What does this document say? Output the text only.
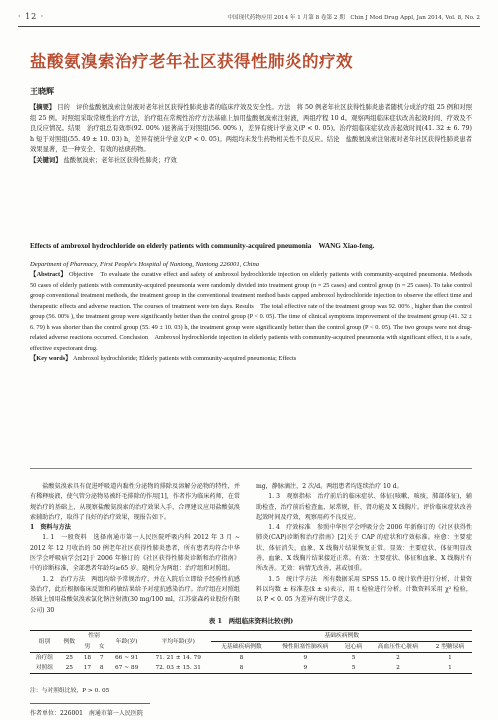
· 12 ·	中国现代药物应用 2014 年 1 月第 8 卷第 2 期　Chin J Mod Drug Appl, Jan 2014, Vol. 8, No. 2
盐酸氨溴索治疗老年社区获得性肺炎的疗效
王晓辉
【摘要】 目的　评价盐酸氨溴索注射液对老年社区获得性肺炎患者的临床疗效及安全性。方法　将 50 例老年社区获得性肺炎患者随机分成治疗组 25 例和对照组 25 例。对照组采取常规性治疗方法，治疗组在常规性治疗方法基础上加用盐酸氨溴索注射液，两组疗程 10 d。观察两组临床症状改善起效时间、疗效及不良反应情况。结果　治疗组总有效率(92. 00% )显著高于对照组(56. 00% )，差异有统计学意义(P < 0. 05)。治疗组临床症状改善起效时间(41. 32 ± 6. 79) h 短于对照组(55. 49 ± 10. 03) h，差异有统计学意义(P < 0. 05)。两组均未发生药物相关性不良反应。结论　盐酸氨溴索注射液对老年社区获得性肺炎患者效果显著，是一种安全、有效的祛痰药物。
【关键词】 盐酸氨溴索；老年社区获得性肺炎；疗效
Effects of ambroxol hydrochloride on elderly patients with community-acquired pneumonia　WANG Xiao-feng.
Department of Pharmacy, First People's Hospital of Nantong, Nantong 226001, China
【Abstract】 Objective　To evaluate the curative effect and safety of ambroxol hydrochloride injection on elderly patients with community-acquired pneumonia. Methods　50 cases of elderly patients with community-acquired pneumonia were randomly divided into treatment group (n = 25 cases) and control group (n = 25 cases). To take control group conventional treatment methods, the treatment group in the conventional treatment method basis capped ambroxol hydrochloride injection to observe the effect time and therapeutic effects and adverse reaction. The courses of treatment were ten days. Results　The total effective rate of the treatment group was 92. 00% , higher than the control group (56. 00% ), the treatment group were significantly better than the control group (P < 0. 05). The time of clinical symptoms improvement of the treatment group (41. 32 ± 6. 79) h was shorter than the control group (55. 49 ± 10. 03) h, the treatment group were significantly better than the control group (P < 0. 05). The two groups were not drug-related adverse reactions occurred. Conclusion　Ambroxol hydrochloride injection in elderly patients with community-acquired pneumonia with significant effect, it is a safe, effective expectorant drug.
【Key words】 Ambroxol hydrochloride; Elderly patients with community-acquired pneumonia; Effects

盐酸氨溴索具有促进呼吸道内黏性分泌物的排除及溶解分泌物的特性，并有稀释痰液，使气管分泌物易被纤毛排除的作用[1]，作者作为临床药师，在常规治疗的基础上，从现察盐酸氨溴索的治疗效果入手，合理建议应用盐酸氨溴索辅助治疗，取得了良好的治疗效果，现报告如下。

1　资料与方法

1. 1　一般资料　选择南通市第一人民医院呼吸内科 2012 年 3 月 ~ 2012 年 12 月收治的 50 例老年社区获得性肺炎患者，所有患者均符合中华医学会呼吸病学会[2]于 2006 年修订的《社区获得性肺炎诊断和治疗指南》中的诊断标准，全部患者年龄均≥65 岁。随机分为两组：治疗组和对照组。

1. 2　治疗方法　两组均给予常规治疗，并在入院后立即给予经验性抗感染治疗，此后根据临床反馈和药敏结果给予对症抗感染治疗。治疗组在对照组基础上加用盐酸氨溴索氯化钠注射液(30 mg/100 ml，江苏豪森药业股份有限公司) 30

mg，静脉滴注，2 次/d。两组患者均连续治疗 10 d。

1. 3　观察指标　治疗前后的临床症状、体征(咳嗽、咳痰，肺部体征)，辅助检查，治疗前后检查血、尿常规，肝、肾功能及 X 线胸片。评价临床症状改善起效时间及疗效，观察用药不良反应。

1. 4　疗效标准　参照中华医学会呼吸分会 2006 年新修订的《社区获得性肺炎(CAP)诊断和治疗指南》[2]关于 CAP 的症状和疗效标准。痊愈：主要症状、体征消失，血象、X 线胸片结果恢复正常。显效：主要症状、体征明显改善，血象、X 线胸片结果接近正常。有效：主要症状、体征和血象、X 线胸片有所改善。无效：病情无改善，甚或加重。

1. 5　统计学方法　所有数据采用 SPSS 15. 0 统计软件进行分析，计量资料以均数 ± 标准差(x̄ ± s)表示，用 t 检验进行分析。计数资料采用 χ² 检验，以 P < 0. 05 为差异有统计学意义。

表 1　两组临床资料比较(例)
组别	例数	性别		年龄(岁)	平均年龄(岁)	基础疾病例数				
						无基础疾病例数	慢性阻塞性肺疾病	冠心病	高血压性心脏病	2 型糖尿病
		男	女							
治疗组	25	18	7	66 ~ 91	71. 21 ± 14. 79	8	9	5	2	1
对照组	25	17	8	67 ~ 89	72. 03 ± 15. 31	8	9	5	2	1
注：与对照组比较，P > 0. 05
作者单位：226001　南通市第一人民医院
